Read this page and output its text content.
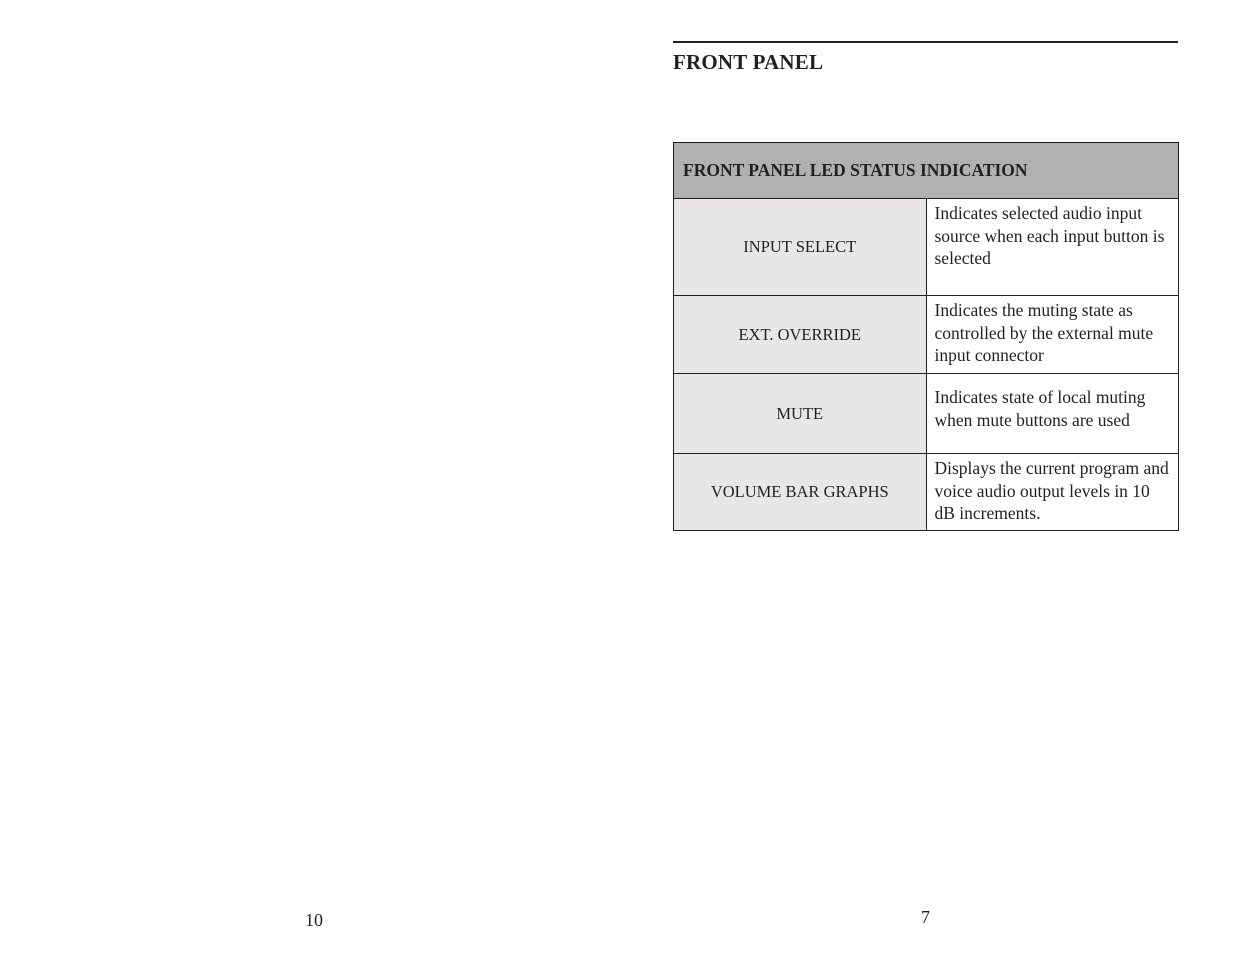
FRONT PANEL
FRONT PANEL LED STATUS INDICATION	
INPUT SELECT	Indicates selected audio input source when each input button is selected
EXT. OVERRIDE	Indicates the muting state as controlled by the external mute input connector
MUTE	Indicates state of local muting when mute buttons are used
VOLUME BAR GRAPHS	Displays the current program and voice audio output levels in 10 dB increments.
10	7
